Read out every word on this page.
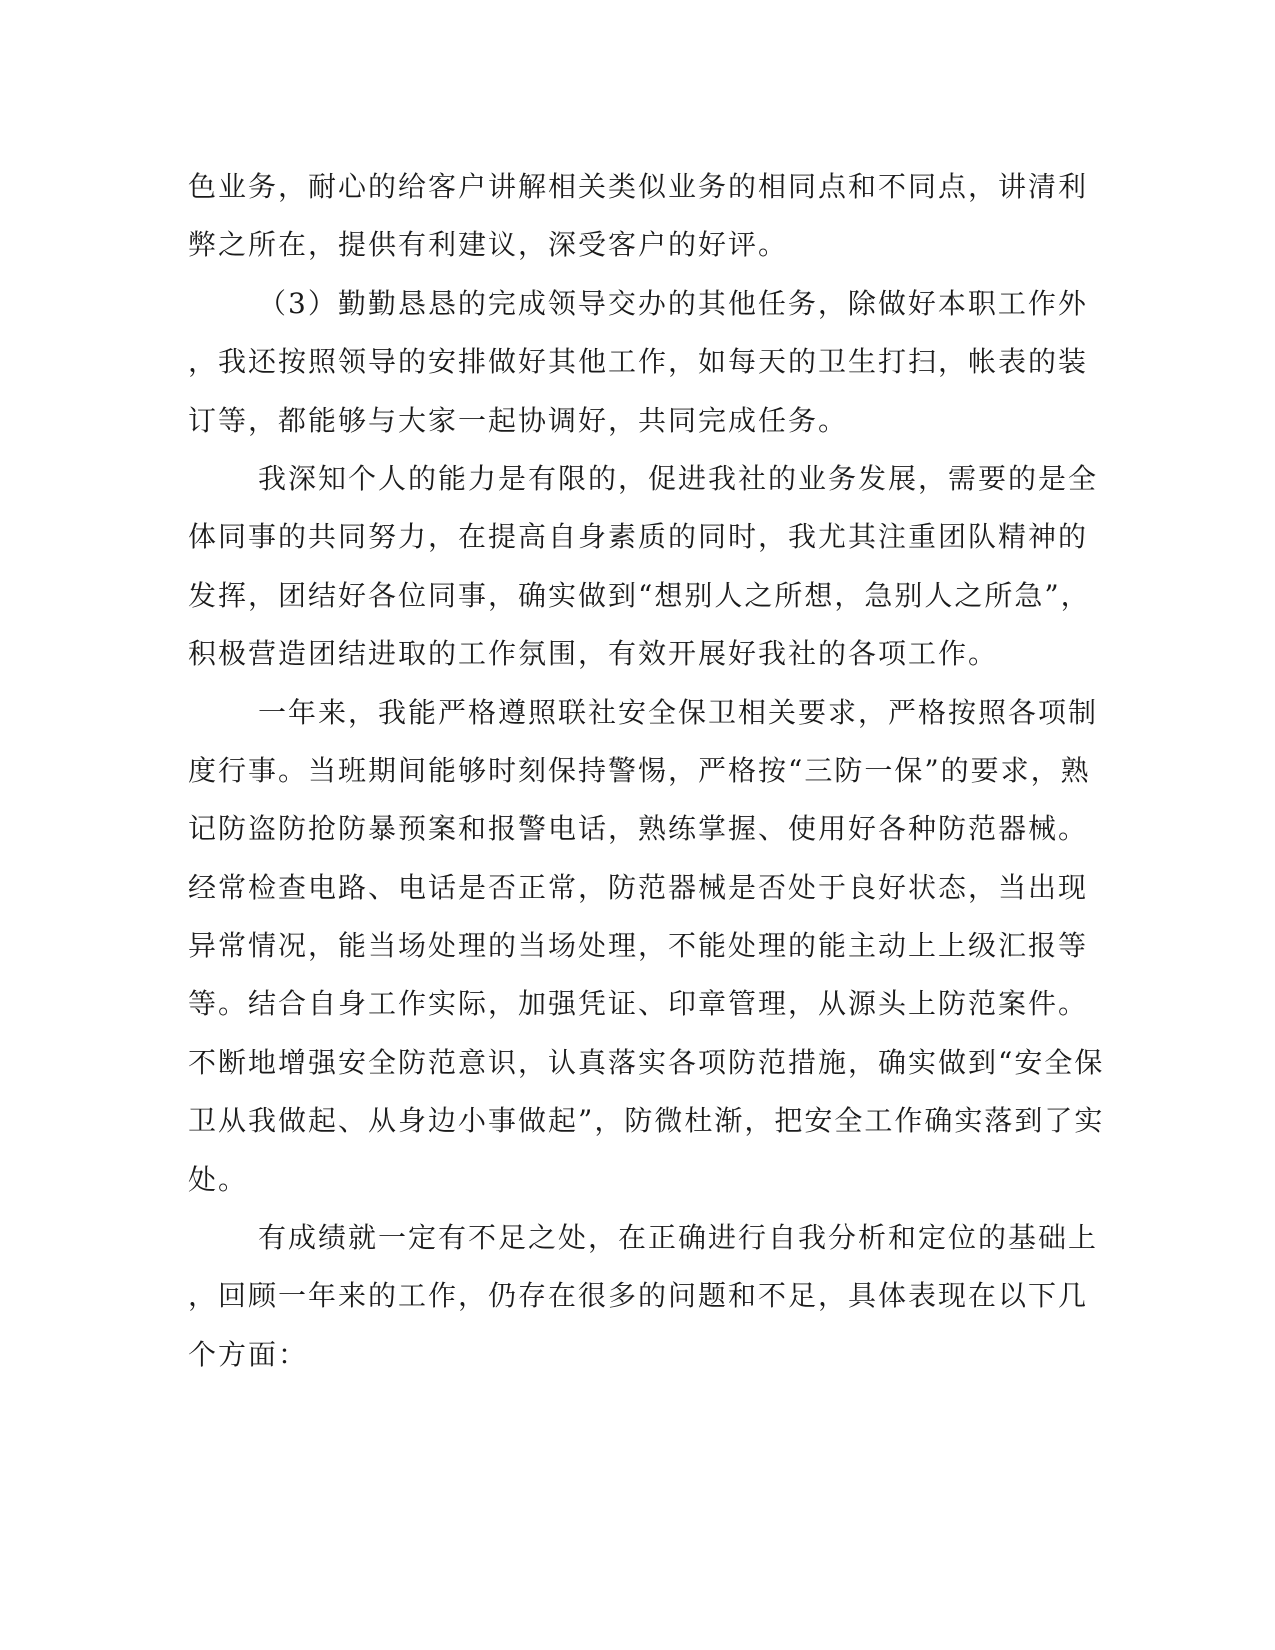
色业务，耐心的给客户讲解相关类似业务的相同点和不同点，讲清利
弊之所在，提供有利建议，深受客户的好评。
（3）勤勤恳恳的完成领导交办的其他任务，除做好本职工作外
，我还按照领导的安排做好其他工作，如每天的卫生打扫，帐表的装
订等，都能够与大家一起协调好，共同完成任务。
我深知个人的能力是有限的，促进我社的业务发展，需要的是全
体同事的共同努力，在提高自身素质的同时，我尤其注重团队精神的
发挥，团结好各位同事，确实做到“想别人之所想，急别人之所急”，
积极营造团结进取的工作氛围，有效开展好我社的各项工作。
一年来，我能严格遵照联社安全保卫相关要求，严格按照各项制
度行事。当班期间能够时刻保持警惕，严格按“三防一保”的要求，熟
记防盗防抢防暴预案和报警电话，熟练掌握、使用好各种防范器械。
经常检查电路、电话是否正常，防范器械是否处于良好状态，当出现
异常情况，能当场处理的当场处理，不能处理的能主动上上级汇报等
等。结合自身工作实际，加强凭证、印章管理，从源头上防范案件。
不断地增强安全防范意识，认真落实各项防范措施，确实做到“安全保
卫从我做起、从身边小事做起”，防微杜渐，把安全工作确实落到了实
处。
有成绩就一定有不足之处，在正确进行自我分析和定位的基础上
，回顾一年来的工作，仍存在很多的问题和不足，具体表现在以下几
个方面：
